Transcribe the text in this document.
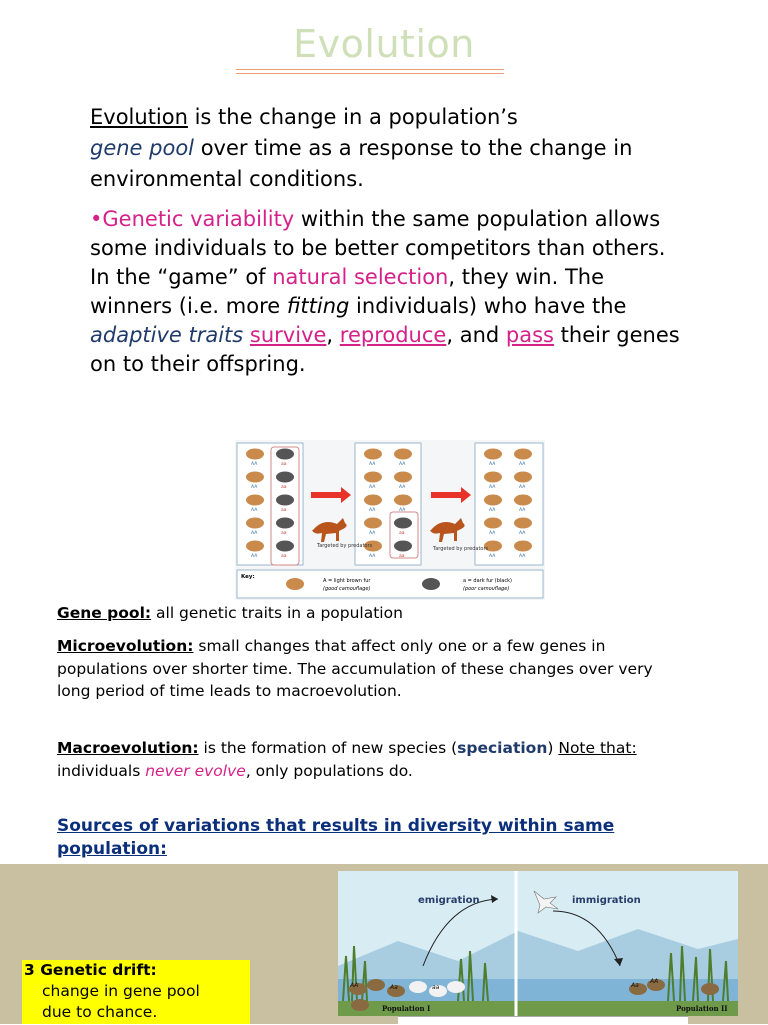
Evolution
Evolution is the change in a population’s
gene pool over time as a response to the change in environmental conditions.
•Genetic variability within the same population allows some individuals to be better competitors than others. In the “game” of natural selection, they win. The winners (i.e. more fitting individuals) who have the adaptive traits survive, reproduce, and pass their genes on to their offspring.
AA
AA
AA
AA
AA
aa
aa
aa
aa
aa
AA
AA
AA
AA
AA
AA
AA
AA
aa
aa
AA
AA
AA
AA
AA
AA
AA
AA
AA
AA
Targeted by predators	Targeted by predators
Key:
A = light brown fur
(good camouflage)
a = dark fur (black)
(poor camouflage)
Gene pool: all genetic traits in a population
Microevolution: small changes that affect only one or a few genes in populations over shorter time. The accumulation of these changes over very long period of time leads to macroevolution.
Macroevolution: is the formation of new species (speciation) Note that: individuals never evolve, only populations do.
Sources of variations that results in diversity within same population:
AA	Aa	aa	Aa
AA
emigration	immigration
Population I	Population II
3 Genetic drift:
change in gene pool due to chance.
